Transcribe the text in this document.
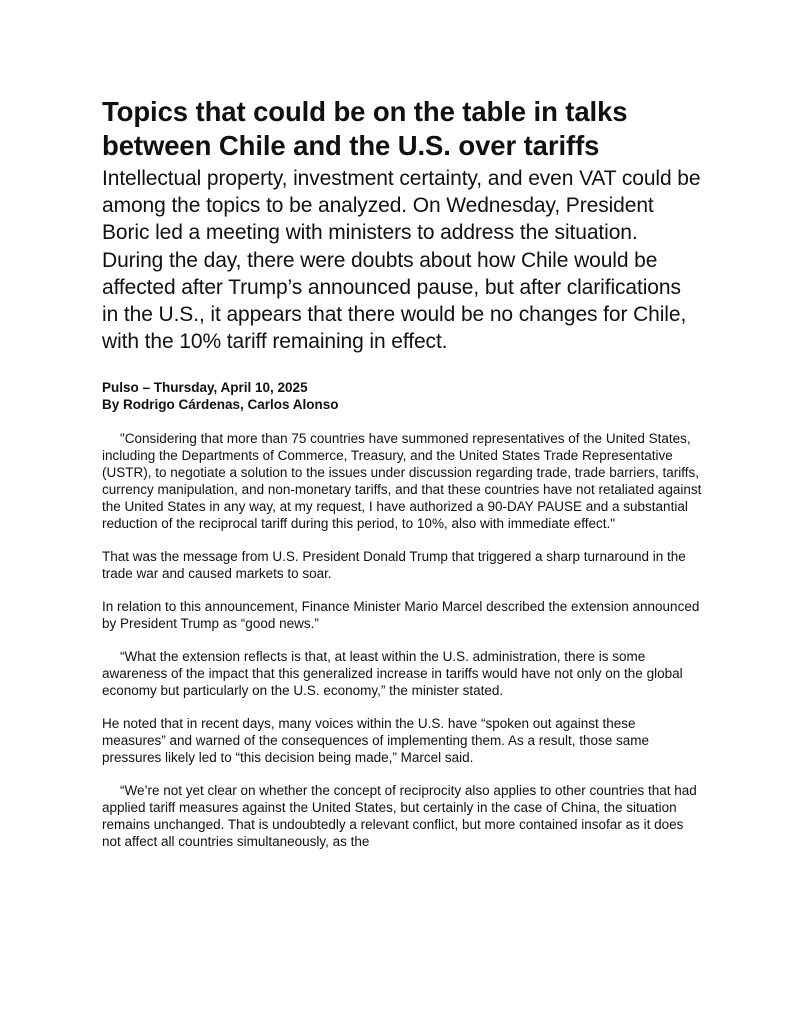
Topics that could be on the table in talks between Chile and the U.S. over tariffs

Intellectual property, investment certainty, and even VAT could be among the topics to be analyzed. On Wednesday, President Boric led a meeting with ministers to address the situation. During the day, there were doubts about how Chile would be affected after Trump’s announced pause, but after clarifications in the U.S., it appears that there would be no changes for Chile, with the 10% tariff remaining in effect.

Pulso – Thursday, April 10, 2025
By Rodrigo Cárdenas, Carlos Alonso

"Considering that more than 75 countries have summoned representatives of the United States, including the Departments of Commerce, Treasury, and the United States Trade Representative (USTR), to negotiate a solution to the issues under discussion regarding trade, trade barriers, tariffs, currency manipulation, and non-monetary tariffs, and that these countries have not retaliated against the United States in any way, at my request, I have authorized a 90-DAY PAUSE and a substantial reduction of the reciprocal tariff during this period, to 10%, also with immediate effect."

That was the message from U.S. President Donald Trump that triggered a sharp turnaround in the trade war and caused markets to soar.

In relation to this announcement, Finance Minister Mario Marcel described the extension announced by President Trump as “good news.”

“What the extension reflects is that, at least within the U.S. administration, there is some awareness of the impact that this generalized increase in tariffs would have not only on the global economy but particularly on the U.S. economy,” the minister stated.

He noted that in recent days, many voices within the U.S. have “spoken out against these measures” and warned of the consequences of implementing them. As a result, those same pressures likely led to “this decision being made,” Marcel said.

“We’re not yet clear on whether the concept of reciprocity also applies to other countries that had applied tariff measures against the United States, but certainly in the case of China, the situation remains unchanged. That is undoubtedly a relevant conflict, but more contained insofar as it does not affect all countries simultaneously, as the
